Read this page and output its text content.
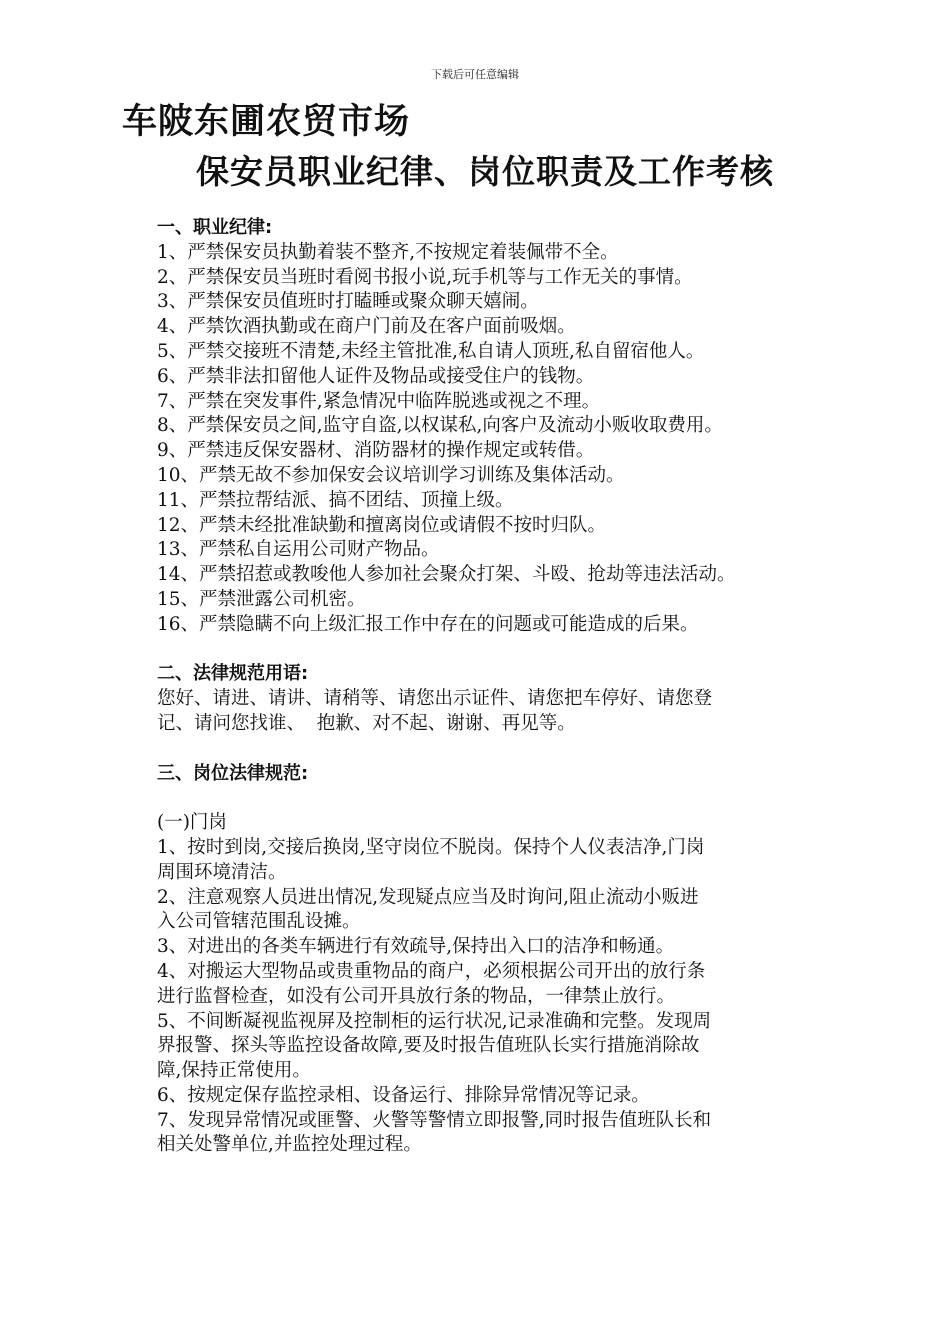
下载后可任意编辑
车陂东圃农贸市场
保安员职业纪律、岗位职责及工作考核
一、职业纪律:
1、严禁保安员执勤着装不整齐,不按规定着装佩带不全。
2、严禁保安员当班时看阅书报小说,玩手机等与工作无关的事情。
3、严禁保安员值班时打瞌睡或聚众聊天嬉闹。
4、严禁饮酒执勤或在商户门前及在客户面前吸烟。
5、严禁交接班不清楚,未经主管批准,私自请人顶班,私自留宿他人。
6、严禁非法扣留他人证件及物品或接受住户的钱物。
7、严禁在突发事件,紧急情况中临阵脱逃或视之不理。
8、严禁保安员之间,监守自盗,以权谋私,向客户及流动小贩收取费用。
9、严禁违反保安器材、消防器材的操作规定或转借。
10、严禁无故不参加保安会议培训学习训练及集体活动。
11、严禁拉帮结派、搞不团结、顶撞上级。
12、严禁未经批准缺勤和擅离岗位或请假不按时归队。
13、严禁私自运用公司财产物品。
14、严禁招惹或教唆他人参加社会聚众打架、斗殴、抢劫等违法活动。
15、严禁泄露公司机密。
16、严禁隐瞒不向上级汇报工作中存在的问题或可能造成的后果。
二、法律规范用语:
您好、请进、请讲、请稍等、请您出示证件、请您把车停好、请您登
记、请问您找谁、  抱歉、对不起、谢谢、再见等。
三、岗位法律规范:
(一)门岗
1、按时到岗,交接后换岗,坚守岗位不脱岗。保持个人仪表洁净,门岗
周围环境清洁。
2、注意观察人员进出情况,发现疑点应当及时询问,阻止流动小贩进
入公司管辖范围乱设摊。
3、对进出的各类车辆进行有效疏导,保持出入口的洁净和畅通。
4、对搬运大型物品或贵重物品的商户，必须根据公司开出的放行条
进行监督检查，如没有公司开具放行条的物品，一律禁止放行。
5、不间断凝视监视屏及控制柜的运行状况,记录准确和完整。发现周
界报警、探头等监控设备故障,要及时报告值班队长实行措施消除故
障,保持正常使用。
6、按规定保存监控录相、设备运行、排除异常情况等记录。
7、发现异常情况或匪警、火警等警情立即报警,同时报告值班队长和
相关处警单位,并监控处理过程。
